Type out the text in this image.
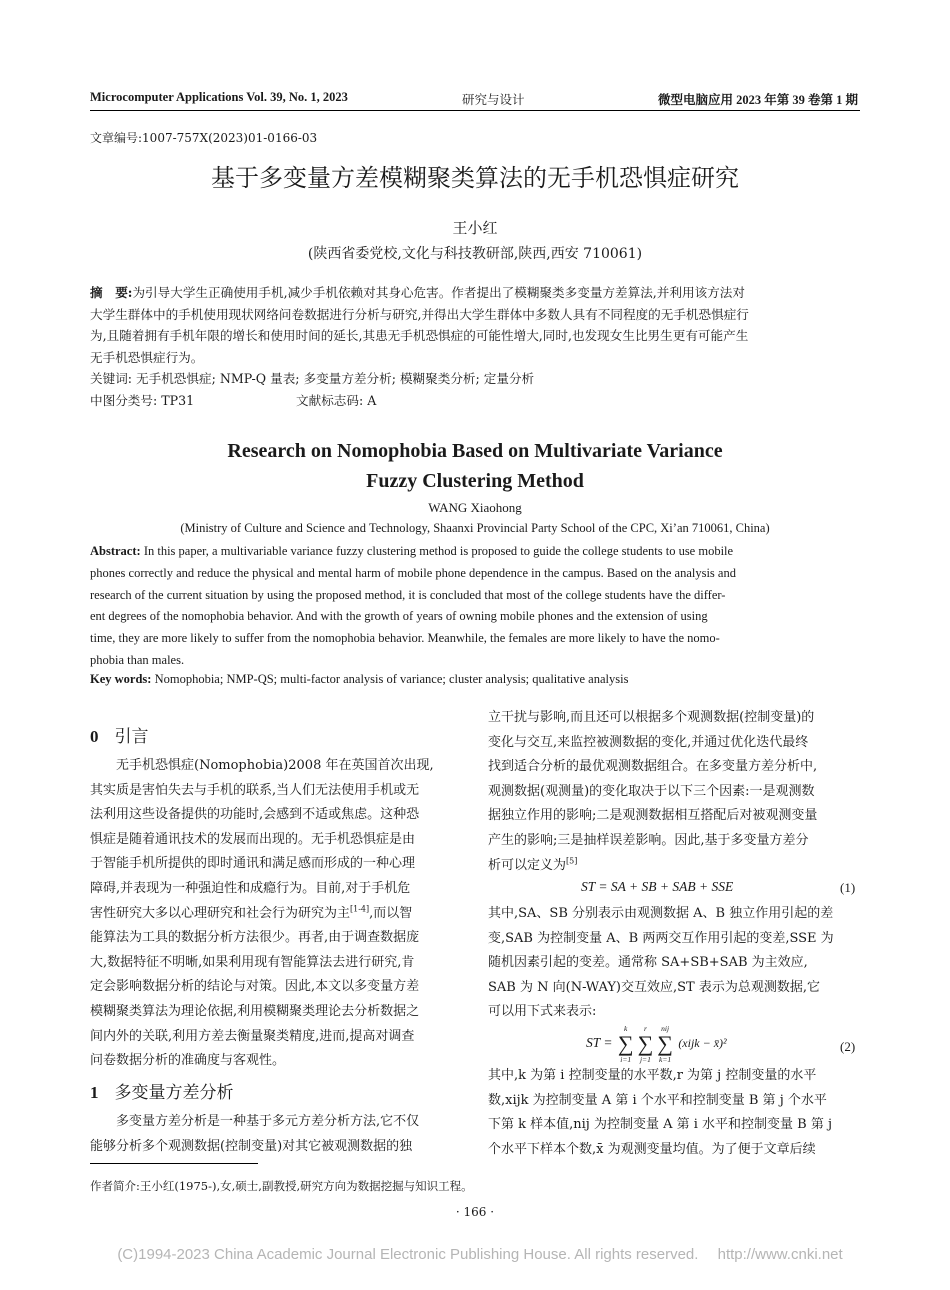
Microcomputer Applications Vol. 39, No. 1, 2023	研究与设计	微型电脑应用 2023 年第 39 卷第 1 期
文章编号:1007-757X(2023)01-0166-03
基于多变量方差模糊聚类算法的无手机恐惧症研究
王小红
(陕西省委党校,文化与科技教研部,陕西,西安 710061)
摘　要:为引导大学生正确使用手机,减少手机依赖对其身心危害。作者提出了模糊聚类多变量方差算法,并利用该方法对
大学生群体中的手机使用现状网络问卷数据进行分析与研究,并得出大学生群体中多数人具有不同程度的无手机恐惧症行
为,且随着拥有手机年限的增长和使用时间的延长,其患无手机恐惧症的可能性增大,同时,也发现女生比男生更有可能产生
无手机恐惧症行为。
关键词: 无手机恐惧症; NMP-Q 量表; 多变量方差分析; 模糊聚类分析; 定量分析
中图分类号: TP31	文献标志码: A
Research on Nomophobia Based on Multivariate Variance
Fuzzy Clustering Method
WANG Xiaohong
(Ministry of Culture and Science and Technology, Shaanxi Provincial Party School of the CPC, Xi’an 710061, China)
Abstract: In this paper, a multivariable variance fuzzy clustering method is proposed to guide the college students to use mobile
phones correctly and reduce the physical and mental harm of mobile phone dependence in the campus. Based on the analysis and
research of the current situation by using the proposed method, it is concluded that most of the college students have the differ-
ent degrees of the nomophobia behavior. And with the growth of years of owning mobile phones and the extension of using
time, they are more likely to suffer from the nomophobia behavior. Meanwhile, the females are more likely to have the nomo-
phobia than males.
Key words: Nomophobia; NMP-QS; multi-factor analysis of variance; cluster analysis; qualitative analysis
0 引言
无手机恐惧症(Nomophobia)2008 年在英国首次出现,
其实质是害怕失去与手机的联系,当人们无法使用手机或无
法利用这些设备提供的功能时,会感到不适或焦虑。这种恐
惧症是随着通讯技术的发展而出现的。无手机恐惧症是由
于智能手机所提供的即时通讯和满足感而形成的一种心理
障碍,并表现为一种强迫性和成瘾行为。目前,对于手机危
害性研究大多以心理研究和社会行为研究为主[1-4],而以智
能算法为工具的数据分析方法很少。再者,由于调查数据庞
大,数据特征不明晰,如果利用现有智能算法去进行研究,肯
定会影响数据分析的结论与对策。因此,本文以多变量方差
模糊聚类算法为理论依据,利用模糊聚类理论去分析数据之
间内外的关联,利用方差去衡量聚类精度,进而,提高对调查
问卷数据分析的准确度与客观性。
1 多变量方差分析
多变量方差分析是一种基于多元方差分析方法,它不仅
能够分析多个观测数据(控制变量)对其它被观测数据的独
立干扰与影响,而且还可以根据多个观测数据(控制变量)的
变化与交互,来监控被测数据的变化,并通过优化迭代最终
找到适合分析的最优观测数据组合。在多变量方差分析中,
观测数据(观测量)的变化取决于以下三个因素:一是观测数
据独立作用的影响;二是观测数据相互搭配后对被观测变量
产生的影响;三是抽样误差影响。因此,基于多变量方差分
析可以定义为[5]
ST = SA + SB + SAB + SSE	(1)
其中,SA、SB 分别表示由观测数据 A、B 独立作用引起的差
变,SAB 为控制变量 A、B 两两交互作用引起的变差,SSE 为
随机因素引起的变差。通常称 SA+SB+SAB 为主效应,
SAB 为 N 向(N-WAY)交互效应,ST 表示为总观测数据,它
可以用下式来表示:
ST =
k
∑
i=1
r
∑
j=1
nij
∑
k=1
(xijk − x̄)²	(2)
其中,k 为第 i 控制变量的水平数,r 为第 j 控制变量的水平
数,xijk 为控制变量 A 第 i 个水平和控制变量 B 第 j 个水平
下第 k 样本值,nij 为控制变量 A 第 i 水平和控制变量 B 第 j
个水平下样本个数,x̄ 为观测变量均值。为了便于文章后续
作者简介:王小红(1975-),女,硕士,副教授,研究方向为数据挖掘与知识工程。
· 166 ·
(C)1994-2023 China Academic Journal Electronic Publishing House. All rights reserved.　 http://www.cnki.net
